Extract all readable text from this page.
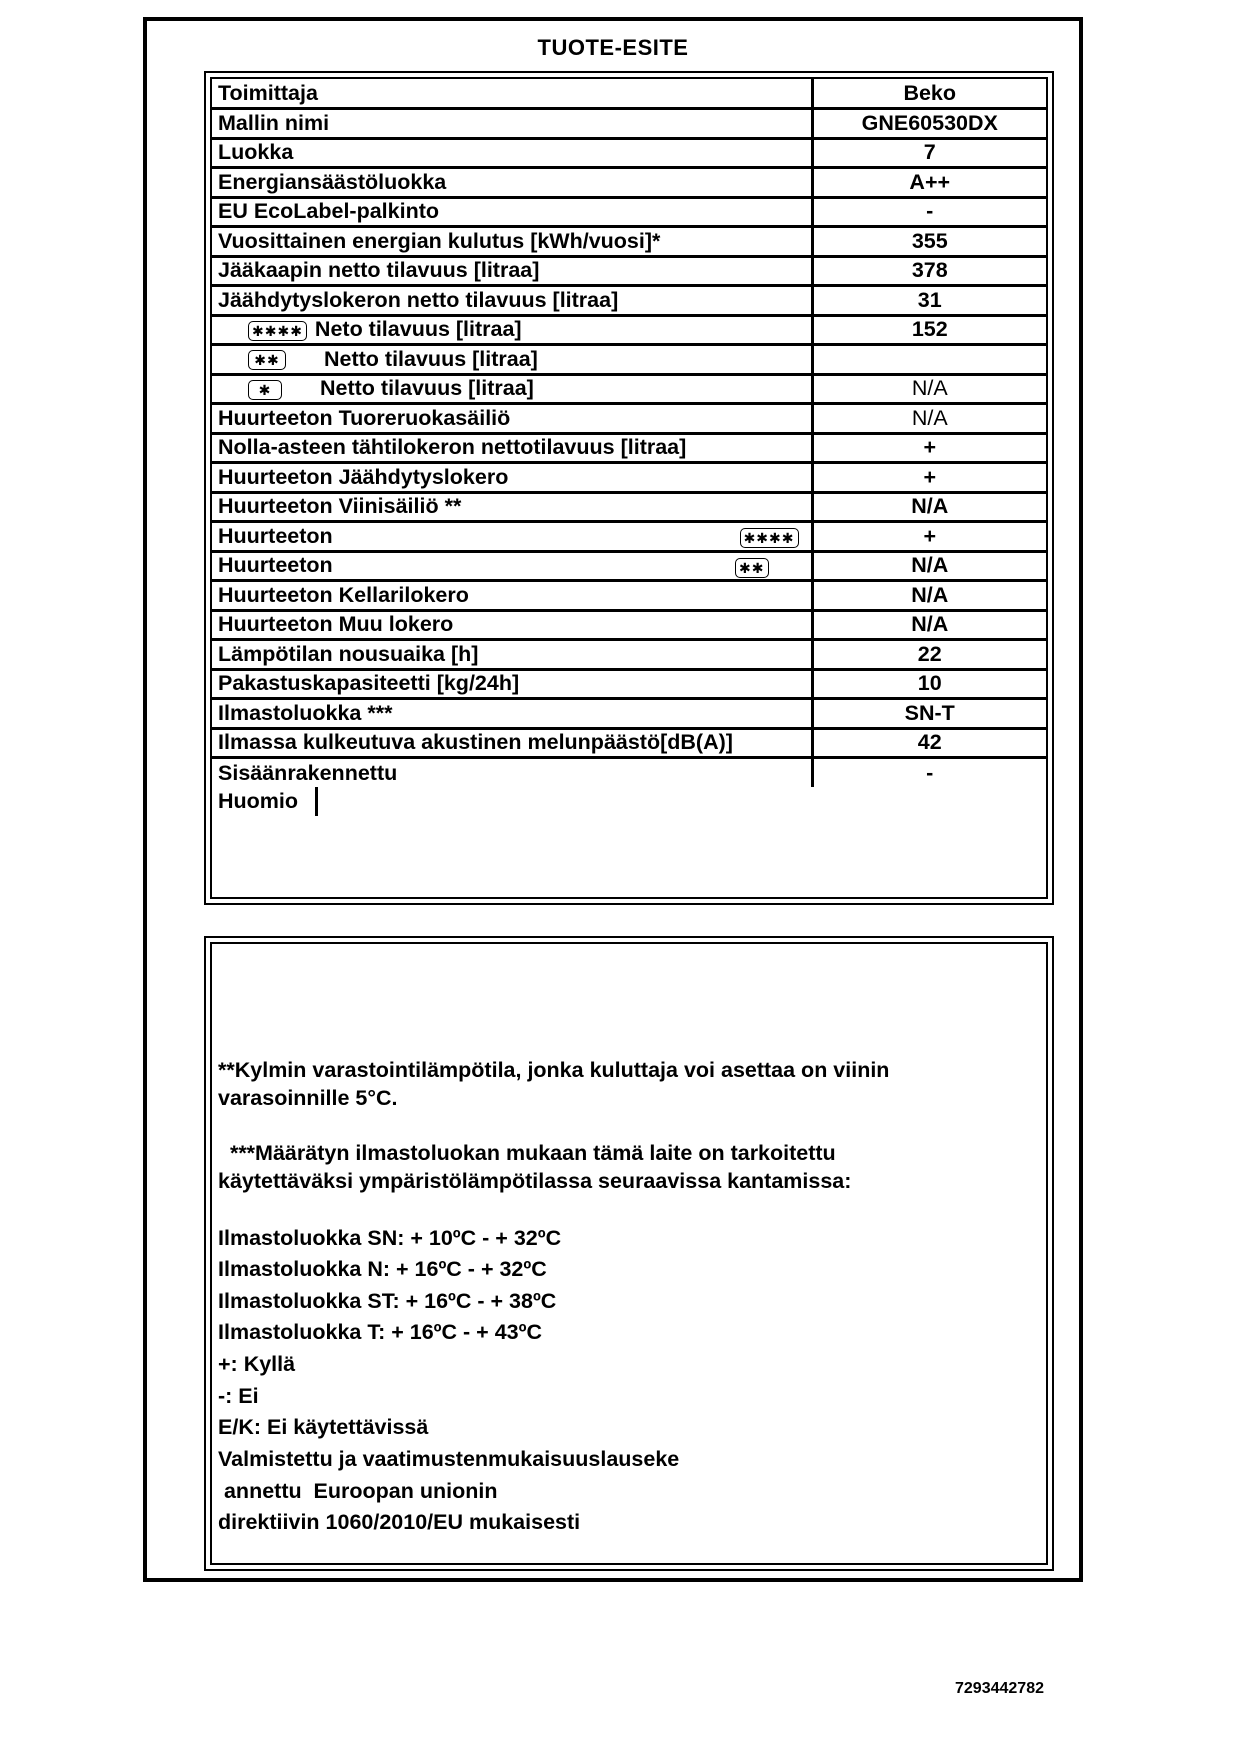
TUOTE-ESITE
Toimittaja	Beko
Mallin nimi	GNE60530DX
Luokka	7
Energiansäästöluokka	A++
EU EcoLabel-palkinto	-
Vuosittainen energian kulutus [kWh/vuosi]*	355
Jääkaapin netto tilavuus [litraa]	378
Jäähdytyslokeron netto tilavuus [litraa]	31
✱✱✱✱ Neto tilavuus [litraa]	152
✱✱ Netto tilavuus [litraa]	
✱ Netto tilavuus [litraa]	N/A
Huurteeton Tuoreruokasäiliö	N/A
Nolla-asteen tähtilokeron nettotilavuus [litraa]	+
Huurteeton Jäähdytyslokero	+
Huurteeton Viinisäiliö **	N/A
Huurteeton ✱✱✱✱	+
Huurteeton ✱✱	N/A
Huurteeton Kellarilokero	N/A
Huurteeton Muu lokero	N/A
Lämpötilan nousuaika [h]	22
Pakastuskapasiteetti [kg/24h]	10
Ilmastoluokka ***	SN-T
Ilmassa kulkeutuva akustinen melunpäästö[dB(A)]	42
Sisäänrakennettu	-
Huomio
**Kylmin varastointilämpötila, jonka kuluttaja voi asettaa on viinin
varasoinnille 5°C.
***Määrätyn ilmastoluokan mukaan tämä laite on tarkoitettu
käytettäväksi ympäristölämpötilassa seuraavissa kantamissa:
Ilmastoluokka SN: + 10ºC - + 32ºC
Ilmastoluokka N: + 16ºC - + 32ºC
Ilmastoluokka ST: + 16ºC - + 38ºC
Ilmastoluokka T: + 16ºC - + 43ºC
+: Kyllä
-: Ei
E/K: Ei käytettävissä
Valmistettu ja vaatimustenmukaisuuslauseke
annettu  Euroopan unionin
direktiivin 1060/2010/EU mukaisesti
7293442782
